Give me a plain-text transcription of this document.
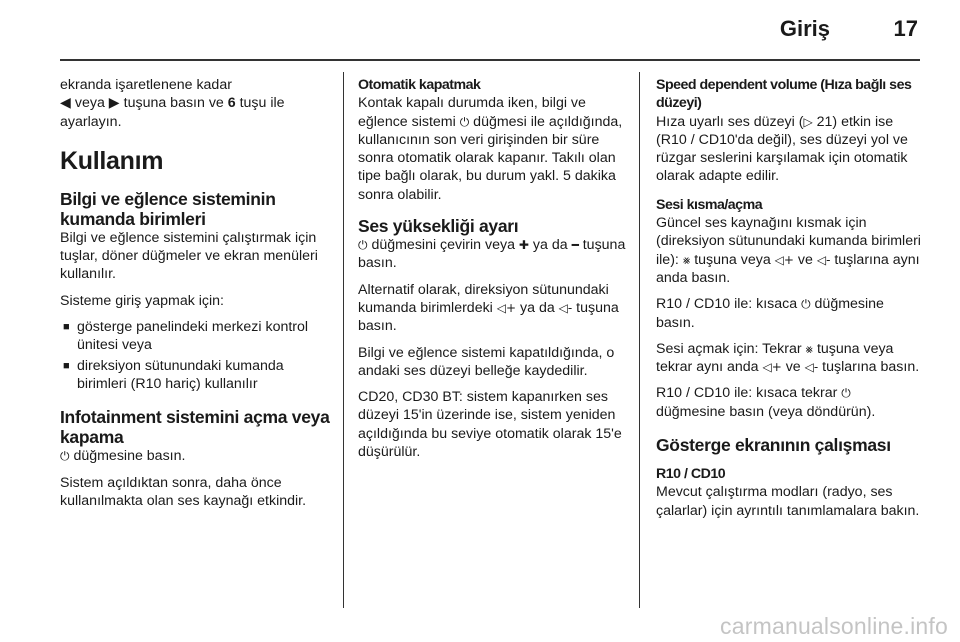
Giriş	17

ekranda işaretlenene kadar
◀ veya ▶ tuşuna basın ve 6 tuşu ile ayarlayın.

Kullanım
Bilgi ve eğlence sisteminin kumanda birimleri

Bilgi ve eğlence sistemini çalıştırmak için tuşlar, döner düğmeler ve ekran menüleri kullanılır.

Sisteme giriş yapmak için:

■ gösterge panelindeki merkezi kontrol ünitesi veya
■ direksiyon sütunundaki kumanda birimleri (R10 hariç) kullanılır
Infotainment sistemini açma veya kapama

⏻ düğmesine basın.

Sistem açıldıktan sonra, daha önce kullanılmakta olan ses kaynağı etkindir.

Otomatik kapatmak

Kontak kapalı durumda iken, bilgi ve eğlence sistemi ⏻ düğmesi ile açıldığında, kullanıcının son veri girişinden bir süre sonra otomatik olarak kapanır. Takılı olan tipe bağlı olarak, bu durum yakl. 5 dakika sonra olabilir.

Ses yüksekliği ayarı

⏻ düğmesini çevirin veya ✚ ya da ━ tuşuna basın.

Alternatif olarak, direksiyon sütunundaki kumanda birimlerdeki ◁+ ya da ◁- tuşuna basın.

Bilgi ve eğlence sistemi kapatıldığında, o andaki ses düzeyi belleğe kaydedilir.

CD20, CD30 BT: sistem kapanırken ses düzeyi 15'in üzerinde ise, sistem yeniden açıldığında bu seviye otomatik olarak 15'e düşürülür.

Speed dependent volume (Hıza bağlı ses düzeyi)

Hıza uyarlı ses düzeyi (▷ 21) etkin ise (R10 / CD10'da değil), ses düzeyi yol ve rüzgar seslerini karşılamak için otomatik olarak adapte edilir.

Sesi kısma/açma

Güncel ses kaynağını kısmak için (direksiyon sütunundaki kumanda birimleri ile): ⨳ tuşuna veya ◁+ ve ◁- tuşlarına aynı anda basın.

R10 / CD10 ile: kısaca ⏻ düğmesine basın.

Sesi açmak için: Tekrar ⨳ tuşuna veya tekrar aynı anda ◁+ ve ◁- tuşlarına basın.

R10 / CD10 ile: kısaca tekrar ⏻ düğmesine basın (veya döndürün).

Gösterge ekranının çalışması
R10 / CD10

Mevcut çalıştırma modları (radyo, ses çalarlar) için ayrıntılı tanımlamalara bakın.

carmanualsonline.info
